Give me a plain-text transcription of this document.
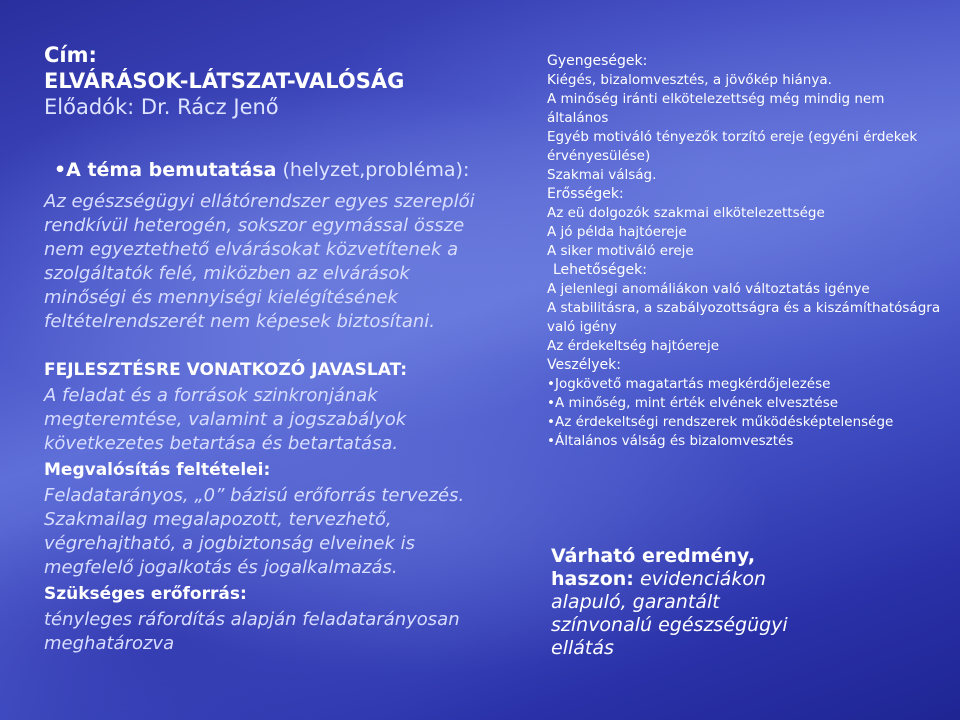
Cím:
ELVÁRÁSOK-LÁTSZAT-VALÓSÁG
Előadók: Dr. Rácz Jenő
•A téma bemutatása (helyzet,probléma):
Az egészségügyi ellátórendszer egyes szereplői rendkívül heterogén, sokszor egymással össze nem egyeztethető elvárásokat közvetítenek a szolgáltatók felé, miközben az elvárások minőségi és mennyiségi kielégítésének feltételrendszerét nem képesek biztosítani.
FEJLESZTÉSRE VONATKOZÓ JAVASLAT:
A feladat és a források szinkronjának megteremtése, valamint a jogszabályok következetes betartása és betartatása.
Megvalósítás feltételei:
Feladatarányos, „0” bázisú erőforrás tervezés. Szakmailag megalapozott, tervezhető, végrehajtható, a jogbiztonság elveinek is megfelelő jogalkotás és jogalkalmazás.
Szükséges erőforrás:
tényleges ráfordítás alapján feladatarányosan meghatározva
Gyengeségek:
Kiégés, bizalomvesztés, a jövőkép hiánya.
A minőség iránti elkötelezettség még mindig nem általános
Egyéb motiváló tényezők torzító ereje (egyéni érdekek érvényesülése)
Szakmai válság.
Erősségek:
Az eü dolgozók szakmai elkötelezettsége
A jó példa hajtóereje
A siker motiváló ereje
Lehetőségek:
A jelenlegi anomáliákon való változtatás igénye
A stabilitásra, a szabályozottságra és a kiszámíthatóságra való igény
Az érdekeltség hajtóereje
Veszélyek:
•Jogkövető magatartás megkérdőjelezése
•A minőség, mint érték elvének elvesztése
•Az érdekeltségi rendszerek működésképtelensége
•Általános válság és bizalomvesztés
Várható eredmény, haszon: evidenciákon alapuló, garantált színvonalú egészségügyi ellátás
